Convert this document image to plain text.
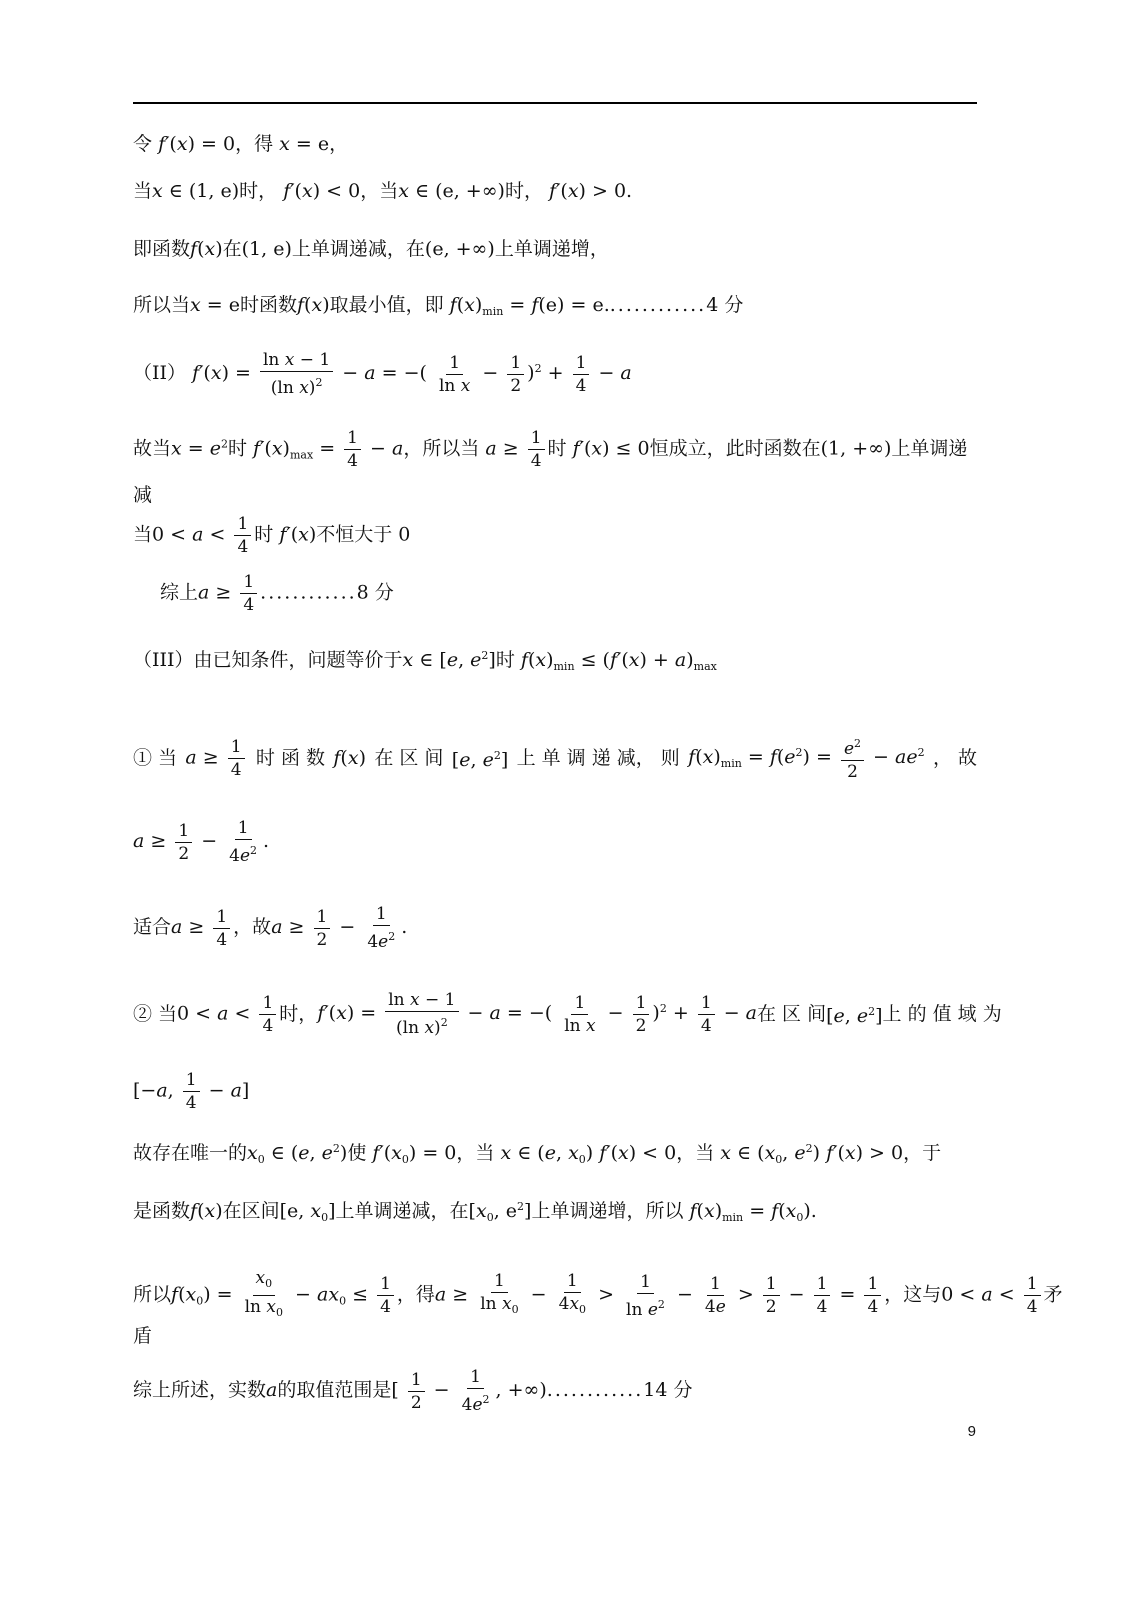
令 f′(x) = 0，得 x = e，
当x ∈ (1, e)时， f′(x) < 0，当x ∈ (e, +∞)时， f′(x) > 0.
即函数f(x)在(1, e)上单调递减，在(e, +∞)上单调递增，
所以当x = e时函数f(x)取最小值，即 $f(x)_{min} = f(e) = e.............4$ 分
（II） $f'(x) = \frac{\text{ln x − 1}}{(\ln x)^2} - a$ = −( $\frac{1}{\text{ln x}} - \frac{1}{2} )^2 + \frac{1}{4} - a$
故当$x = e^2$时 $f'(x)_{max} = \frac{1}{4} - a$，所以当 $a \ge \frac{1}{4}$ 时 f′(x) ≤ 0恒成立，此时函数在(1, +∞)上单调递
减
当$0 < a < \frac{1}{4}$ 时 f′(x)不恒大于 0
综上$a \ge \frac{1}{4} ............8$ 分
（III）由已知条件，问题等价于x ∈ [e, $e^2$]时 $f(x)_{min} \le (f'(x) + a)_{max}$
① 当 $a \ge \frac{1}{4}$ 时 函 数 f(x) 在 区 间 [e, $e^2$] 上 单 调 递 减， 则 $f(x)_{min} = f(e^2) = \frac{e^2}{2} - ae^2$ ， 故
$a \ge \frac{1}{2} - \frac{1}{4e^2}$ .
适合$a \ge \frac{1}{4}$ ，故$a \ge \frac{1}{2} - \frac{1}{4e^2}$ .
② 当 $0 < a < \frac{1}{4}$ 时， $f'(x) = \frac{\text{ln x − 1}}{(\ln x)^2} - a$ = −( $\frac{1}{\text{ln x}} - \frac{1}{2} )^2 + \frac{1}{4} - a$ 在 区 间 [e, $e^2$] 上 的 值 域 为
[−a, $\frac{1}{4} - a$]
故存在唯一的$x_0$ ∈ (e, $e^2$)使 $f'(x_0) = 0$，当 x ∈ (e, $x_0$) f′(x) < 0，当 x ∈ ($x_0$, $e^2$) f′(x) > 0，于
是函数f(x)在区间[e, $x_0$]上单调递减，在[$x_0$, $e^2$]上单调递增，所以 $f(x)_{min} = f(x_0)$.
所以$f(x_0) = \frac{x_0}{\ln x_0} - ax_0 \le \frac{1}{4}$ ，得$a \ge \frac{1}{\ln x_0} - \frac{1}{4x_0} > \frac{1}{\ln e^2} - \frac{1}{4e} > \frac{1}{2} - \frac{1}{4} = \frac{1}{4}$ ，这与$0 < a < \frac{1}{4}$ 矛
盾
综上所述，实数a的取值范围是[ $\frac{1}{2} - \frac{1}{4e^2}$ , +∞)............14 分
9
